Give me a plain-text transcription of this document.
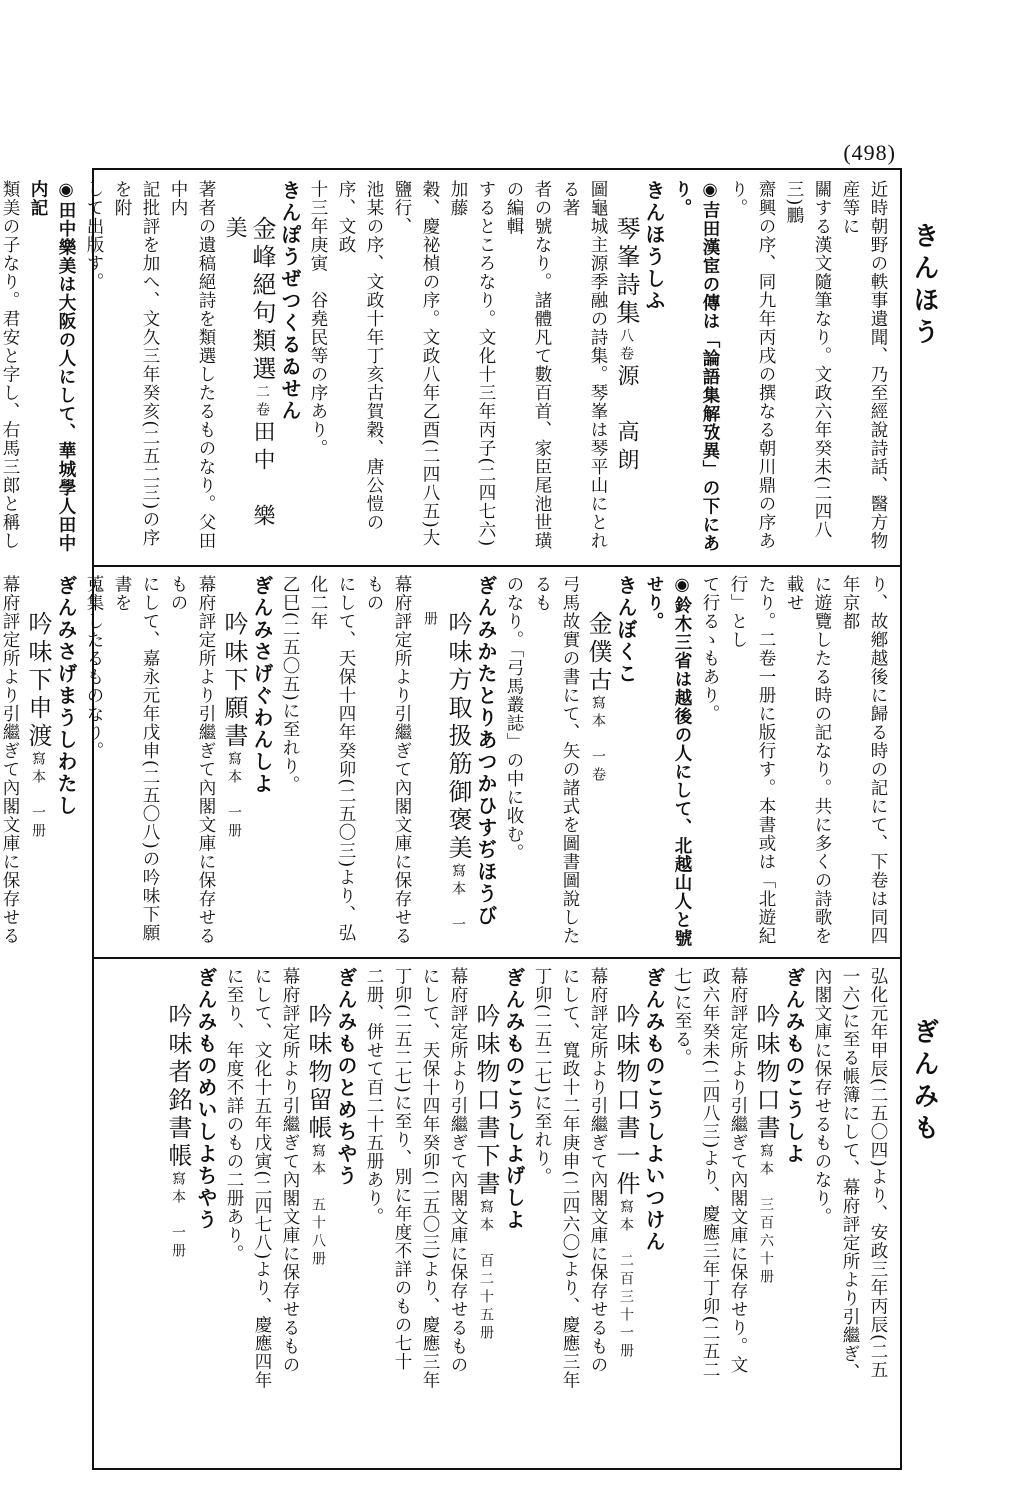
(498)
きんほう
ぎんみも

近時朝野の軼事遺聞、乃至經說詩話、醫方物産等に

關する漢文隨筆なり。文政六年癸未(二四八三)鵬

齋興の序、同九年丙戌の撰なる朝川鼎の序あり。

◉吉田漢宦の傳は「論語集解攷異」の下にあり。

きんほうしふ

琴峯詩集八卷源　高朗

圖龜城主源季融の詩集。琴峯は琴平山にとれる著

者の號なり。諸體凡て數百首、家臣尾池世璜の編輯

するところなり。文化十三年丙子(二四七六)加藤

穀、慶祕楨の序。文政八年乙酉(二四八五)大鹽行、

池某の序、文政十年丁亥古賀穀、唐公愷の序、文政

十三年庚寅　谷堯民等の序あり。

きんぽうぜつくるゐせん

金峰絕句類選二卷田中　樂美

著者の遺稿絕詩を類選したるものなり。父田中内

記批評を加へ、文久三年癸亥(二五二三)の序を附

して出版す。

◉田中樂美は大阪の人にして、華城學人田中内記

類美の子なり。君安と字し、右馬三郎と稱し

り、故鄕越後に歸る時の記にて、下卷は同四年京都

に遊覽したる時の記なり。共に多くの詩歌を載せ

たり。二卷一册に版行す。本書或は「北遊紀行」とし

て行るゝもあり。

◉鈴木三省は越後の人にして、北越山人と號せり。

きんぼくこ

金僕古寫本　一卷

弓馬故實の書にて、矢の諸式を圖書圖說したるも

のなり。「弓馬叢誌」の中に收む。

ぎんみかたとりあつかひすぢほうび

吟味方取扱筋御褒美寫本　一册

幕府評定所より引繼ぎて內閣文庫に保存せるもの

にして、天保十四年癸卯(二五〇三)より、弘化二年

乙巳(二五〇五)に至れり。

ぎんみさげぐわんしよ

吟味下願書寫本　一册

幕府評定所より引繼ぎて內閣文庫に保存せるもの

にして、嘉永元年戊申(二五〇八)の吟味下願書を

蒐集したるものなり。

ぎんみさげまうしわたし

吟味下申渡寫本　一册

幕府評定所より引繼ぎて內閣文庫に保存せる

弘化元年甲辰(二五〇四)より、安政三年丙辰(二五

一六)に至る帳簿にして、幕府評定所より引繼ぎ、

內閣文庫に保存せるものなり。

ぎんみものこうしよ

吟味物口書寫本　三百六十册

幕府評定所より引繼ぎて內閣文庫に保存せり。文

政六年癸未(二四八三)より、慶應三年丁卯(二五二

七)に至る。

ぎんみものこうしよいつけん

吟味物口書一件寫本　二百三十一册

幕府評定所より引繼ぎて內閣文庫に保存せるもの

にして、寬政十二年庚申(二四六〇)より、慶應三年

丁卯(二五二七)に至れり。

ぎんみものこうしよげしよ

吟味物口書下書寫本　百二十五册

幕府評定所より引繼ぎて內閣文庫に保存せるもの

にして、天保十四年癸卯(二五〇三)より、慶應三年

丁卯(二五二七)に至り、別に年度不詳のもの七十

二册、併せて百二十五册あり。

ぎんみものとめちやう

吟味物留帳寫本　五十八册

幕府評定所より引繼ぎて內閣文庫に保存せるもの

にして、文化十五年戊寅(二四七八)より、慶應四年

に至り、年度不詳のもの二册あり。

ぎんみものめいしよちやう

吟味者銘書帳寫本　一册
